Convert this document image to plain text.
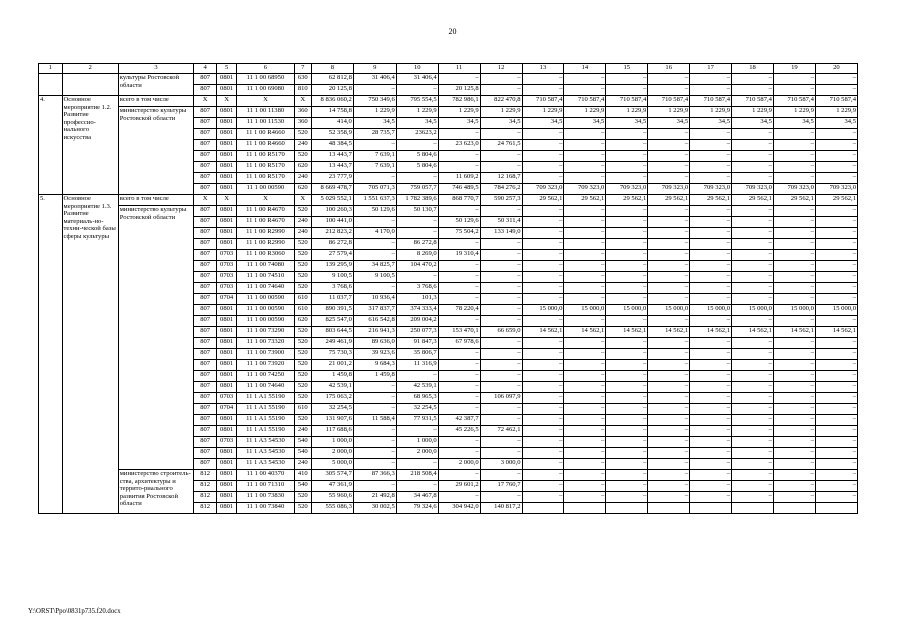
20
1	2	3	4	5	6	7	8	9	10	11	12	13	14	15	16	17	18	19	20
		культуры Ростовской области	807	0801	11 1 00 68950	630	62 812,8	31 406,4	31 406,4	–	–	–	–	–	–	–	–	–	–
			807	0801	11 1 00 69080	810	20 125,8	–	–	20 125,8	–	–	–	–	–	–	–	–	–
4.	Основное мероприятие 1.2. Развитие профессио-нального искусства	всего в том числе	X	X	X	X	8 836 060,2	750 349,6	795 554,5	782 986,1	822 470,8	710 587,4	710 587,4	710 587,4	710 587,4	710 587,4	710 587,4	710 587,4	710 587,4
		министерство культуры Ростовской области	807	0801	11 1 00 11380	360	14 758,8	1 229,9	1 229,9	1 229,9	1 229,9	1 229,9	1 229,9	1 229,9	1 229,9	1 229,9	1 229,9	1 229,9	1 229,9
			807	0801	11 1 00 11530	360	414,0	34,5	34,5	34,5	34,5	34,5	34,5	34,5	34,5	34,5	34,5	34,5	34,5
			807	0801	11 1 00 R4660	520	52 358,9	28 735,7	23623,2	–	–	–	–	–	–	–	–	–	–
			807	0801	11 1 00 R4660	240	48 384,5	–	–	23 623,0	24 761,5	–	–	–	–	–	–	–	–
			807	0801	11 1 00 R5170	520	13 443,7	7 639,1	5 804,6	–	–	–	–	–	–	–	–	–	–
			807	0801	11 1 00 R5170	620	13 443,7	7 639,1	5 804,6	–	–	–	–	–	–	–	–	–	–
			807	0801	11 1 00 R5170	240	23 777,9	–	–	11 609,2	12 168,7	–	–	–	–	–	–	–	–
			807	0801	11 1 00 00590	620	8 669 478,7	705 071,3	759 057,7	746 489,5	784 276,2	709 323,0	709 323,0	709 323,0	709 323,0	709 323,0	709 323,0	709 323,0	709 323,0
5.	Основное мероприятие 1.3. Развитие материаль-но-техни-ческой базы сферы культуры	всего в том числе	X	X	X	X	5 029 552,1	1 551 637,3	1 782 389,6	868 770,7	590 257,3	29 562,1	29 562,1	29 562,1	29 562,1	29 562,1	29 562,1	29 562,1	29 562,1
		министерство культуры Ростовской области	807	0801	11 1 00 R4670	520	100 260,3	50 129,6	50 130,7	–	–	–	–	–	–	–	–	–	–
			807	0801	11 1 00 R4670	240	100 441,0	–	–	50 129,6	50 311,4	–	–	–	–	–	–	–	–
			807	0801	11 1 00 R2990	240	212 823,2	4 170,0	–	75 504,2	133 149,0	–	–	–	–	–	–	–	–
			807	0801	11 1 00 R2990	520	86 272,8	–	86 272,8	–	–	–	–	–	–	–	–	–	–
			807	0703	11 1 00 R3060	520	27 579,4	–	8 269,0	19 310,4	–	–	–	–	–	–	–	–	–
			807	0703	11 1 00 74080	520	139 295,9	34 825,7	104 470,2	–	–	–	–	–	–	–	–	–	–
			807	0703	11 1 00 74510	520	9 100,5	9 100,5	–	–	–	–	–	–	–	–	–	–	–
			807	0703	11 1 00 74640	520	3 768,6	–	3 768,6	–	–	–	–	–	–	–	–	–	–
			807	0704	11 1 00 00590	610	11 037,7	10 936,4	101,3	–	–	–	–	–	–	–	–	–	–
			807	0801	11 1 00 00590	610	890 391,5	317 837,7	374 333,4	78 220,4	–	15 000,0	15 000,0	15 000,0	15 000,0	15 000,0	15 000,0	15 000,0	15 000,0
			807	0801	11 1 00 00590	620	825 547,0	616 542,8	209 004,2	–	–	–	–	–	–	–	–	–	–
			807	0801	11 1 00 73290	520	803 644,5	216 941,3	250 077,3	153 470,1	66 659,0	14 562,1	14 562,1	14 562,1	14 562,1	14 562,1	14 562,1	14 562,1	14 562,1
			807	0801	11 1 00 73320	520	249 461,9	89 636,0	91 847,3	67 978,6	–	–	–	–	–	–	–	–	–
			807	0801	11 1 00 73900	520	75 730,3	39 923,6	35 806,7	–	–	–	–	–	–	–	–	–	–
			807	0801	11 1 00 73920	520	21 001,2	9 684,3	11 316,9	–	–	–	–	–	–	–	–	–	–
			807	0801	11 1 00 74250	520	1 459,8	1 459,8	–	–	–	–	–	–	–	–	–	–	–
			807	0801	11 1 00 74640	520	42 539,1	–	42 539,1	–	–	–	–	–	–	–	–	–	–
			807	0703	11 1 A1 55190	520	175 063,2	–	68 965,3	–	106 097,9	–	–	–	–	–	–	–	–
			807	0704	11 1 A1 55190	610	32 254,5	–	32 254,5	–	–	–	–	–	–	–	–	–	–
			807	0801	11 1 A1 55190	520	131 907,6	11 588,4	77 931,5	42 387,7	–	–	–	–	–	–	–	–	–
			807	0801	11 1 A1 55190	240	117 688,6	–	–	45 226,5	72 462,1	–	–	–	–	–	–	–	–
			807	0703	11 1 A3 54530	540	1 000,0	–	1 000,0	–	–	–	–	–	–	–	–	–	–
			807	0801	11 1 A3 54530	540	2 000,0	–	2 000,0	–	–	–	–	–	–	–	–	–	–
			807	0801	11 1 A3 54530	240	5 000,0	–	–	2 000,0	3 000,0	–	–	–	–	–	–	–	–
		министерство строитель-ства, архитектуры и террито-риального развития Ростовской области	812	0801	11 1 00 40370	410	305 574,7	87 366,3	218 508,4	–	–	–	–	–	–	–	–	–	–
			812	0801	11 1 00 71310	540	47 361,9	–	–	29 601,2	17 760,7	–	–	–	–	–	–	–	–
			812	0801	11 1 00 73830	520	55 960,6	21 492,8	34 467,8	–	–	–	–	–	–	–	–	–	–
			812	0801	11 1 00 73840	520	555 086,3	30 002,5	79 324,6	304 942,0	140 817,2								
Y:\ORST\Ppo\0831p735.f20.docx
